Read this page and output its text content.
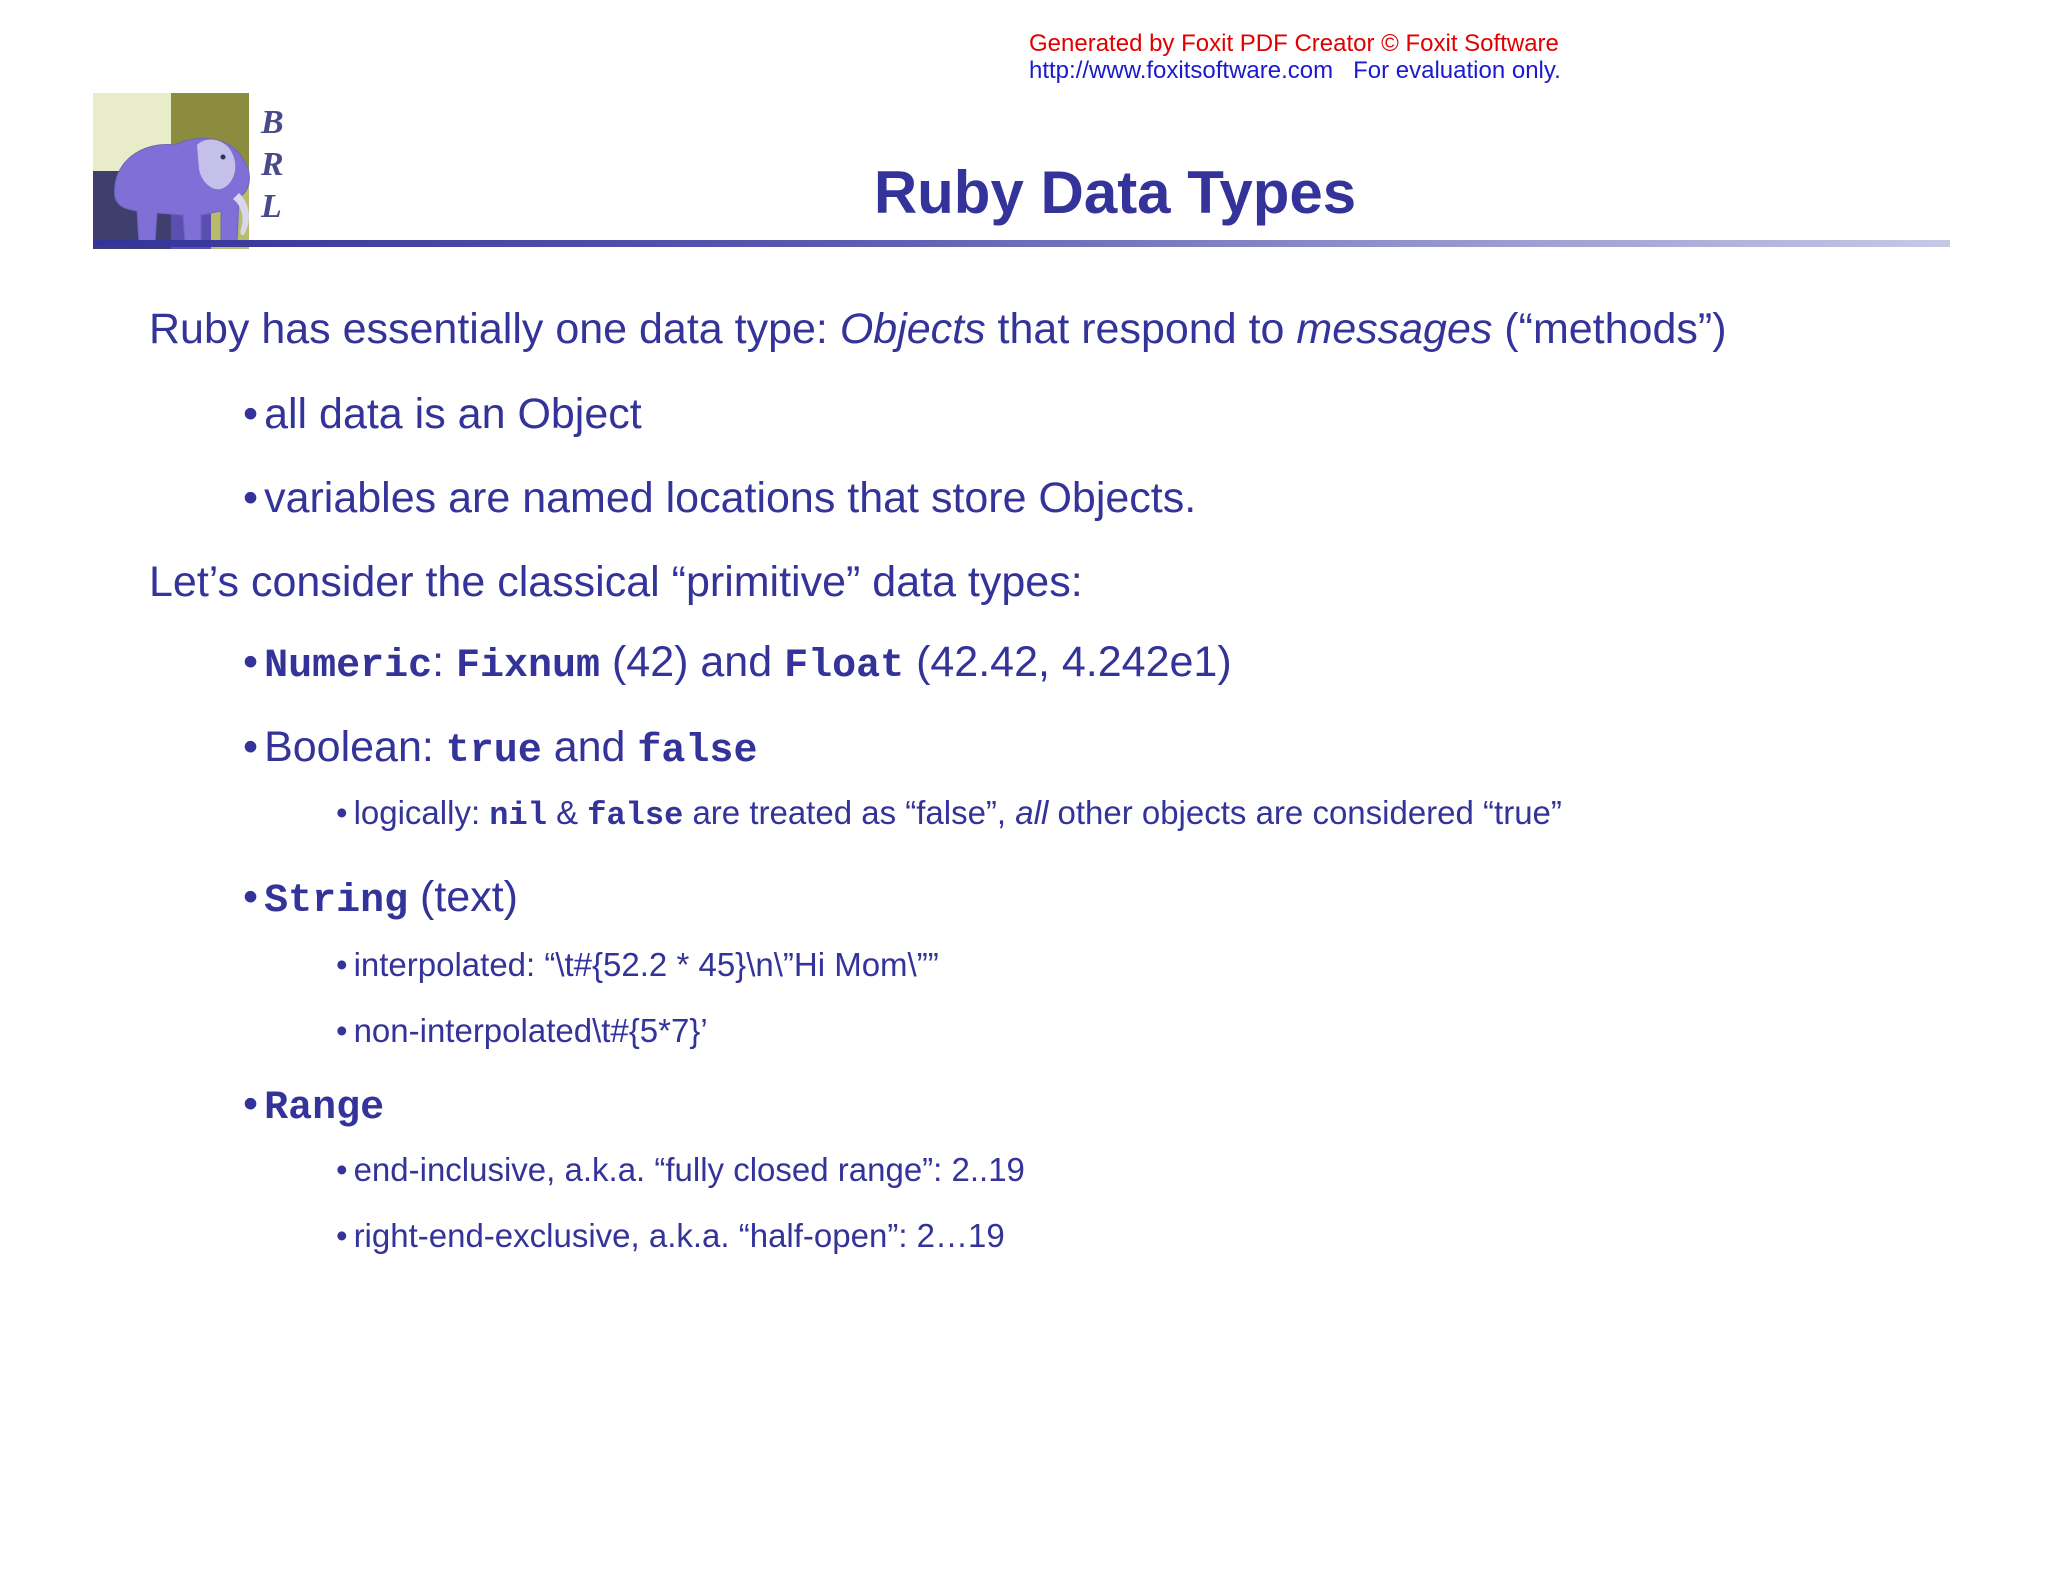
Generated by Foxit PDF Creator © Foxit Software
http://www.foxitsoftware.com For evaluation only.
B
R
L	Ruby Data Types
Ruby has essentially one data type: Objects that respond to messages (“methods”)
• all data is an Object
• variables are named locations that store Objects.
Let’s consider the classical “primitive” data types:
• Numeric: Fixnum (42) and Float (42.42, 4.242e1)
• Boolean: true and false
• logically: nil & false are treated as “false”, all other objects are considered “true”
• String (text)
• interpolated: “\t#{52.2 * 45}\n\”Hi Mom\””
• non-interpolated\t#{5*7}’
• Range
• end-inclusive, a.k.a. “fully closed range”: 2..19
• right-end-exclusive, a.k.a. “half-open”: 2…19
